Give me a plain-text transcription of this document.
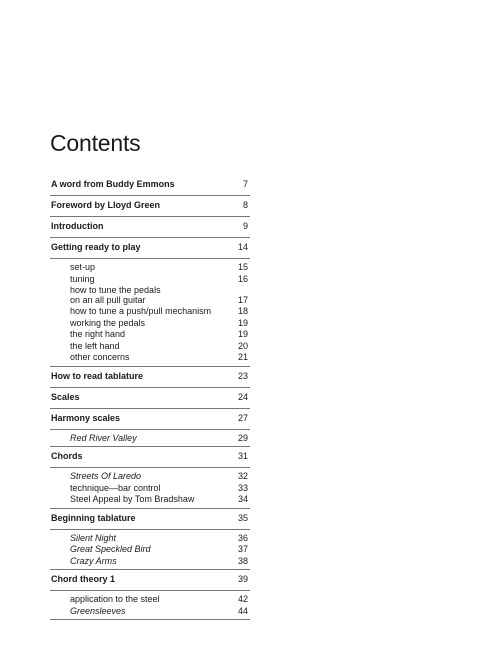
Contents
A word from Buddy Emmons	7
Foreword by Lloyd Green	8
Introduction	9
Getting ready to play	14
set-up	15
tuning	16
how to tune the pedals
on an all pull guitar	17
how to tune a push/pull mechanism	18
working the pedals	19
the right hand	19
the left hand	20
other concerns	21
How to read tablature	23
Scales	24
Harmony scales	27
Red River Valley	29
Chords	31
Streets Of Laredo	32
technique—bar control	33
Steel Appeal by Tom Bradshaw	34
Beginning tablature	35
Silent Night	36
Great Speckled Bird	37
Crazy Arms	38
Chord theory 1	39
application to the steel	42
Greensleeves	44
